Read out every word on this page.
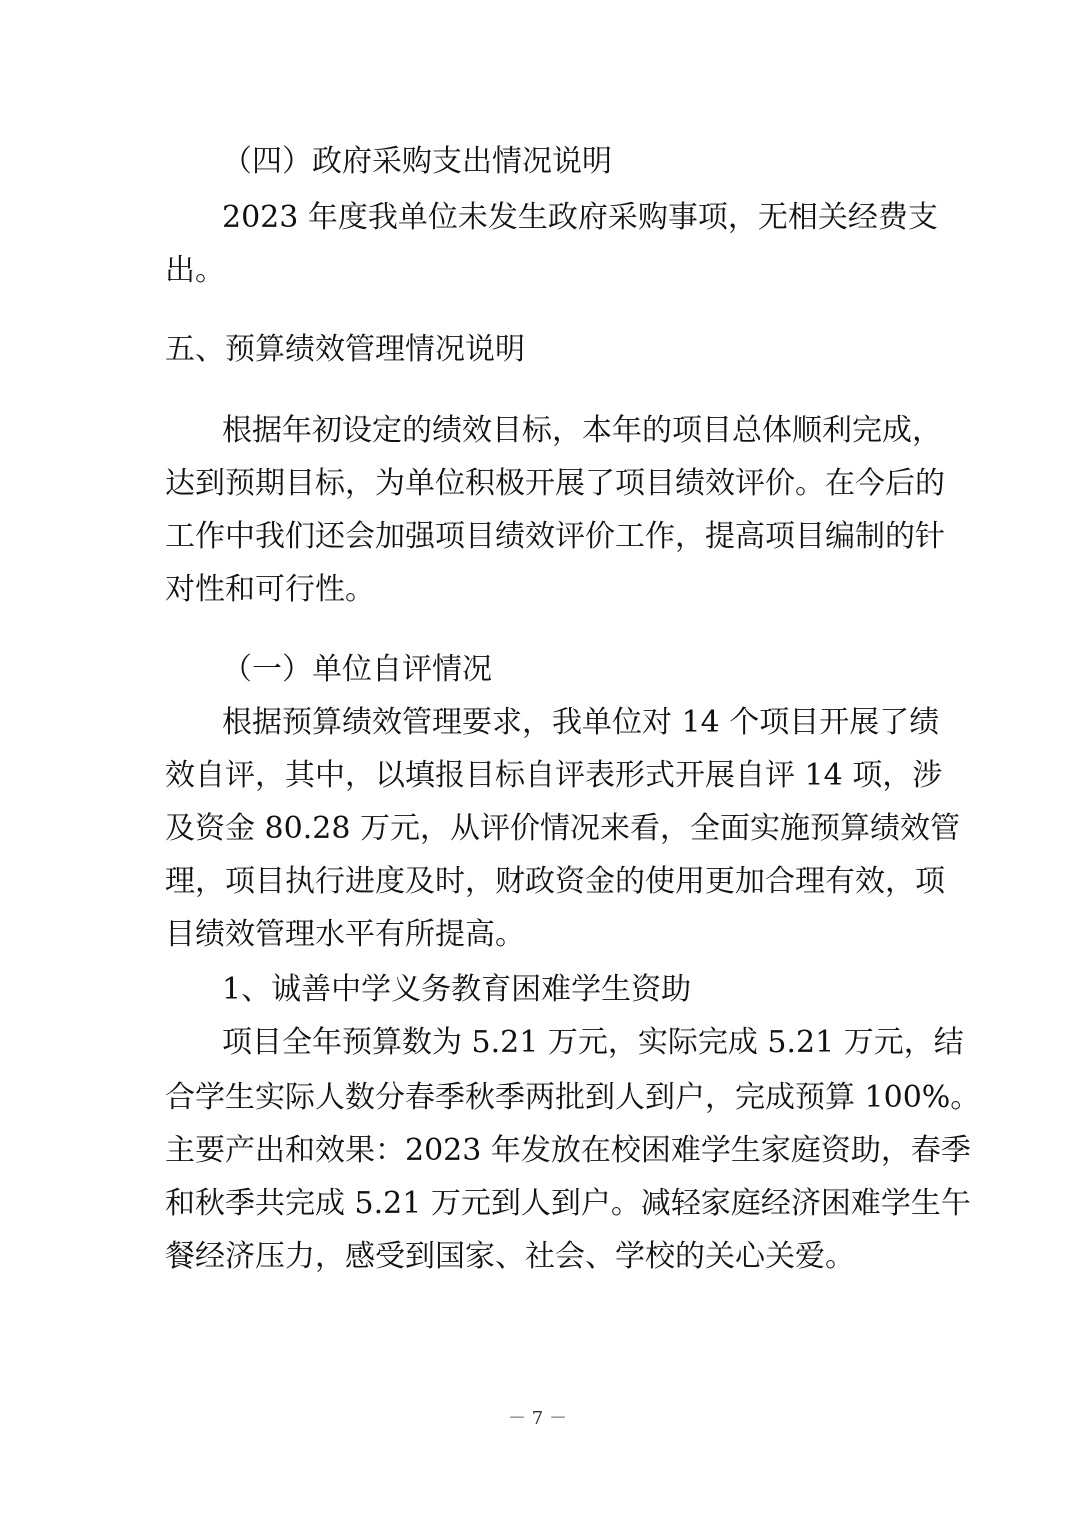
（四）政府采购支出情况说明
2023 年度我单位未发生政府采购事项，无相关经费支
出。
五、预算绩效管理情况说明
根据年初设定的绩效目标，本年的项目总体顺利完成，
达到预期目标，为单位积极开展了项目绩效评价。在今后的
工作中我们还会加强项目绩效评价工作，提高项目编制的针
对性和可行性。
（一）单位自评情况
根据预算绩效管理要求，我单位对 14 个项目开展了绩
效自评，其中，以填报目标自评表形式开展自评 14 项，涉
及资金 80.28 万元，从评价情况来看，全面实施预算绩效管
理，项目执行进度及时，财政资金的使用更加合理有效，项
目绩效管理水平有所提高。
1、诚善中学义务教育困难学生资助
项目全年预算数为 5.21 万元，实际完成 5.21 万元，结
合学生实际人数分春季秋季两批到人到户，完成预算 100%。
主要产出和效果：2023 年发放在校困难学生家庭资助，春季
和秋季共完成 5.21 万元到人到户。减轻家庭经济困难学生午
餐经济压力，感受到国家、社会、学校的关心关爱。
－ 7 －
